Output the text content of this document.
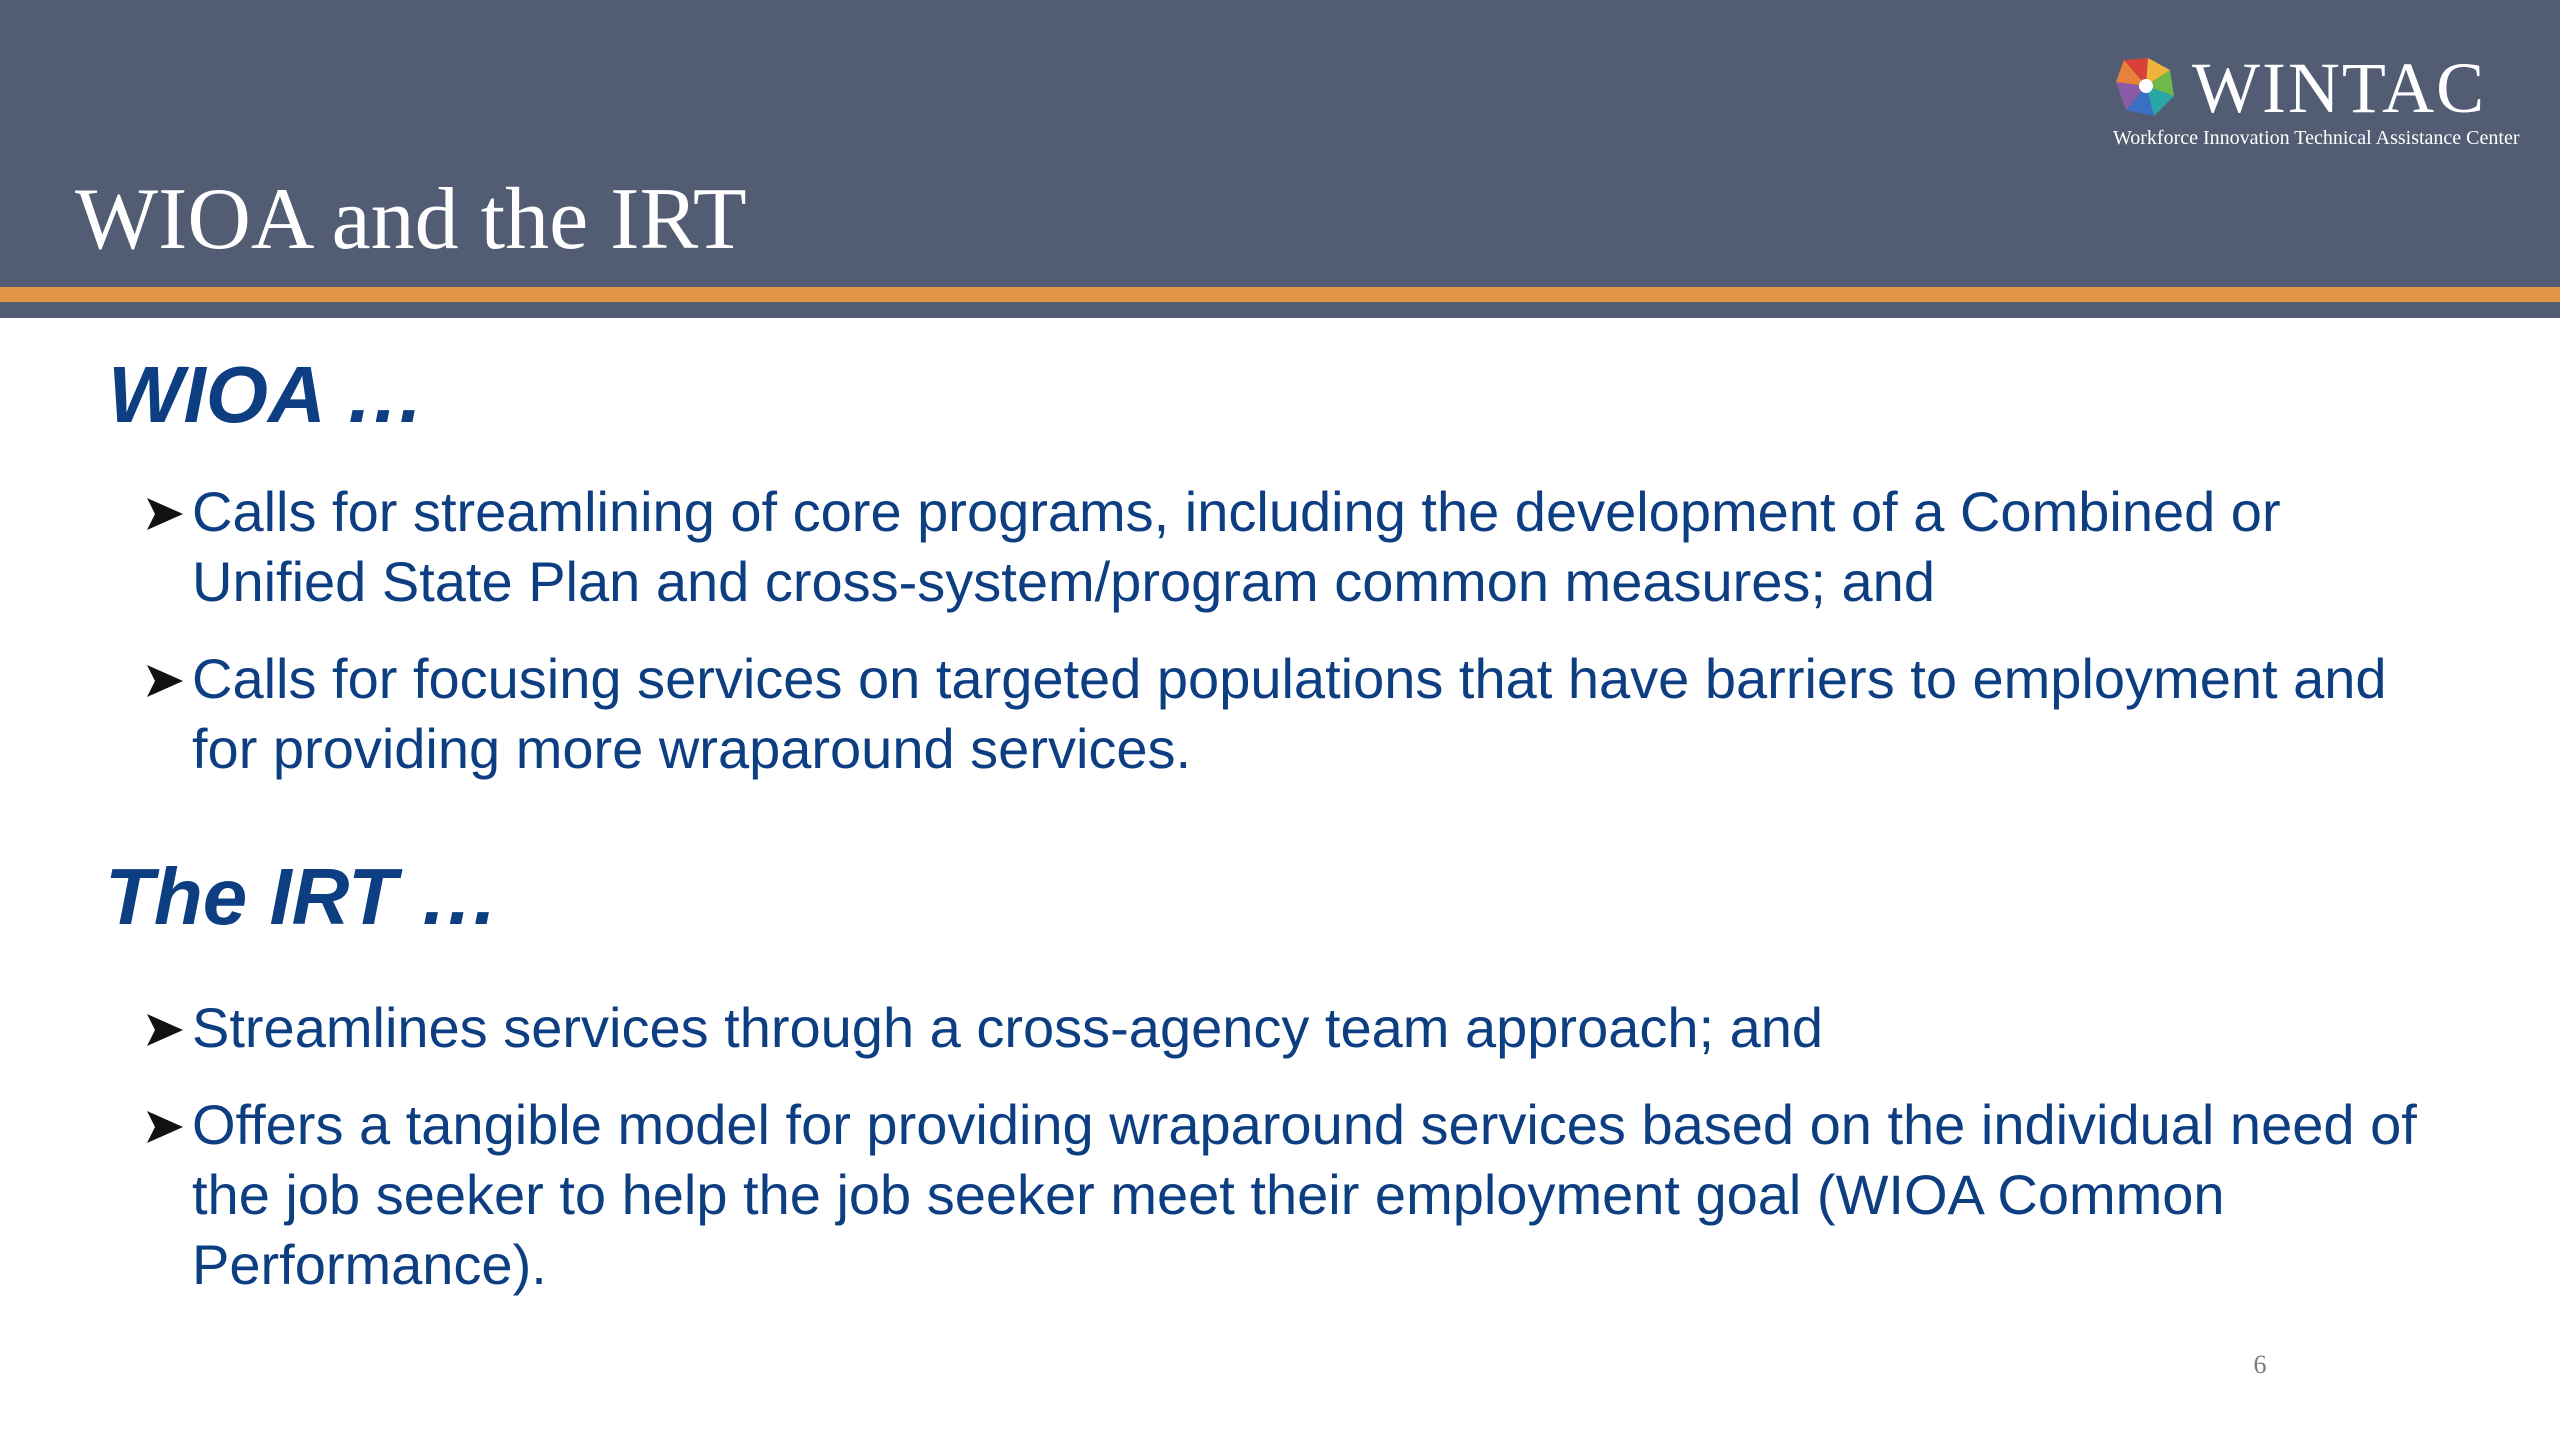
WIOA and the IRT
WINTAC
Workforce Innovation Technical Assistance Center
WIOA …
Calls for streamlining of core programs, including the development of a Combined or Unified State Plan and cross-system/program common measures; and
Calls for focusing services on targeted populations that have barriers to employment and for providing more wraparound services.
The IRT …
Streamlines services through a cross-agency team approach; and
Offers a tangible model for providing wraparound services based on the individual need of the job seeker to help the job seeker meet their employment goal (WIOA Common Performance).
6
